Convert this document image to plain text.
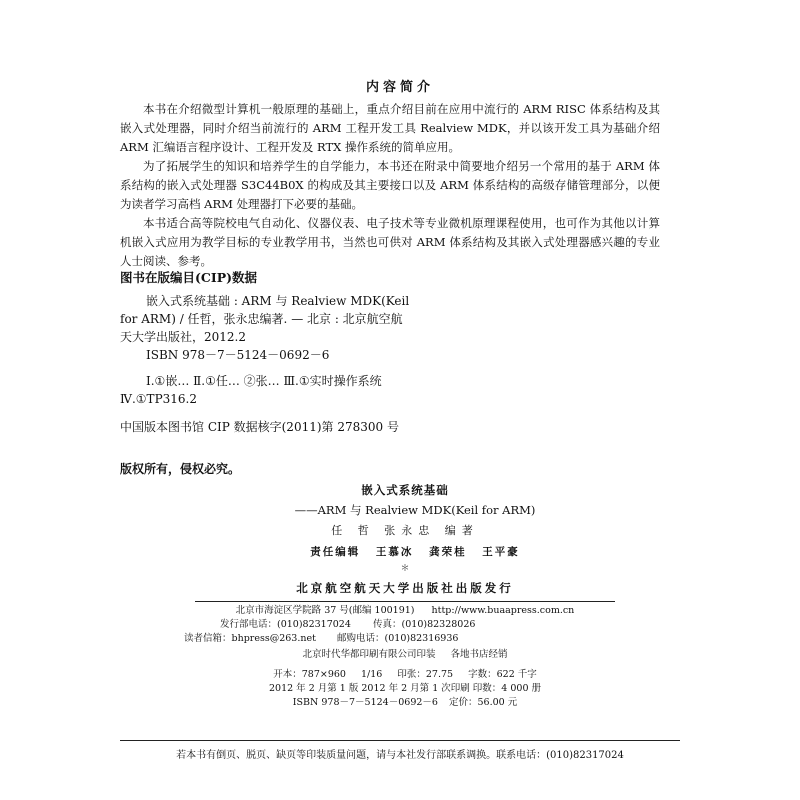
内容简介

本书在介绍微型计算机一般原理的基础上，重点介绍目前在应用中流行的 ARM RISC 体系结构及其嵌入式处理器，同时介绍当前流行的 ARM 工程开发工具 Realview MDK，并以该开发工具为基础介绍 ARM 汇编语言程序设计、工程开发及 RTX 操作系统的简单应用。

为了拓展学生的知识和培养学生的自学能力，本书还在附录中简要地介绍另一个常用的基于 ARM 体系结构的嵌入式处理器 S3C44B0X 的构成及其主要接口以及 ARM 体系结构的高级存储管理部分，以便为读者学习高档 ARM 处理器打下必要的基础。

本书适合高等院校电气自动化、仪器仪表、电子技术等专业微机原理课程使用，也可作为其他以计算机嵌入式应用为教学目标的专业教学用书，当然也可供对 ARM 体系结构及其嵌入式处理器感兴趣的专业人士阅读、参考。

图书在版编目(CIP)数据
嵌入式系统基础 : ARM 与 Realview MDK(Keil
for ARM) / 任哲，张永忠编著. — 北京 : 北京航空航
天大学出版社，2012.2
ISBN 978－7－5124－0692－6
Ⅰ.①嵌… Ⅱ.①任… ②张… Ⅲ.①实时操作系统
Ⅳ.①TP316.2
中国版本图书馆 CIP 数据核字(2011)第 278300 号
版权所有，侵权必究。
嵌入式系统基础
——ARM 与 Realview MDK(Keil for ARM)
任 哲 张永忠 编著
责任编辑 王慕冰 龚荣桂 王平豪
＊
北京航空航天大学出版社出版发行
北京市海淀区学院路 37 号(邮编 100191) http://www.buaapress.com.cn
发行部电话：(010)82317024 传真：(010)82328026
读者信箱：bhpress@263.net 邮购电话：(010)82316936
北京时代华都印刷有限公司印装 各地书店经销
开本：787×960 1/16 印张：27.75 字数：622 千字
2012 年 2 月第 1 版 2012 年 2 月第 1 次印刷 印数：4 000 册
ISBN 978－7－5124－0692－6 定价：56.00 元
若本书有倒页、脱页、缺页等印装质量问题，请与本社发行部联系调换。联系电话：(010)82317024
